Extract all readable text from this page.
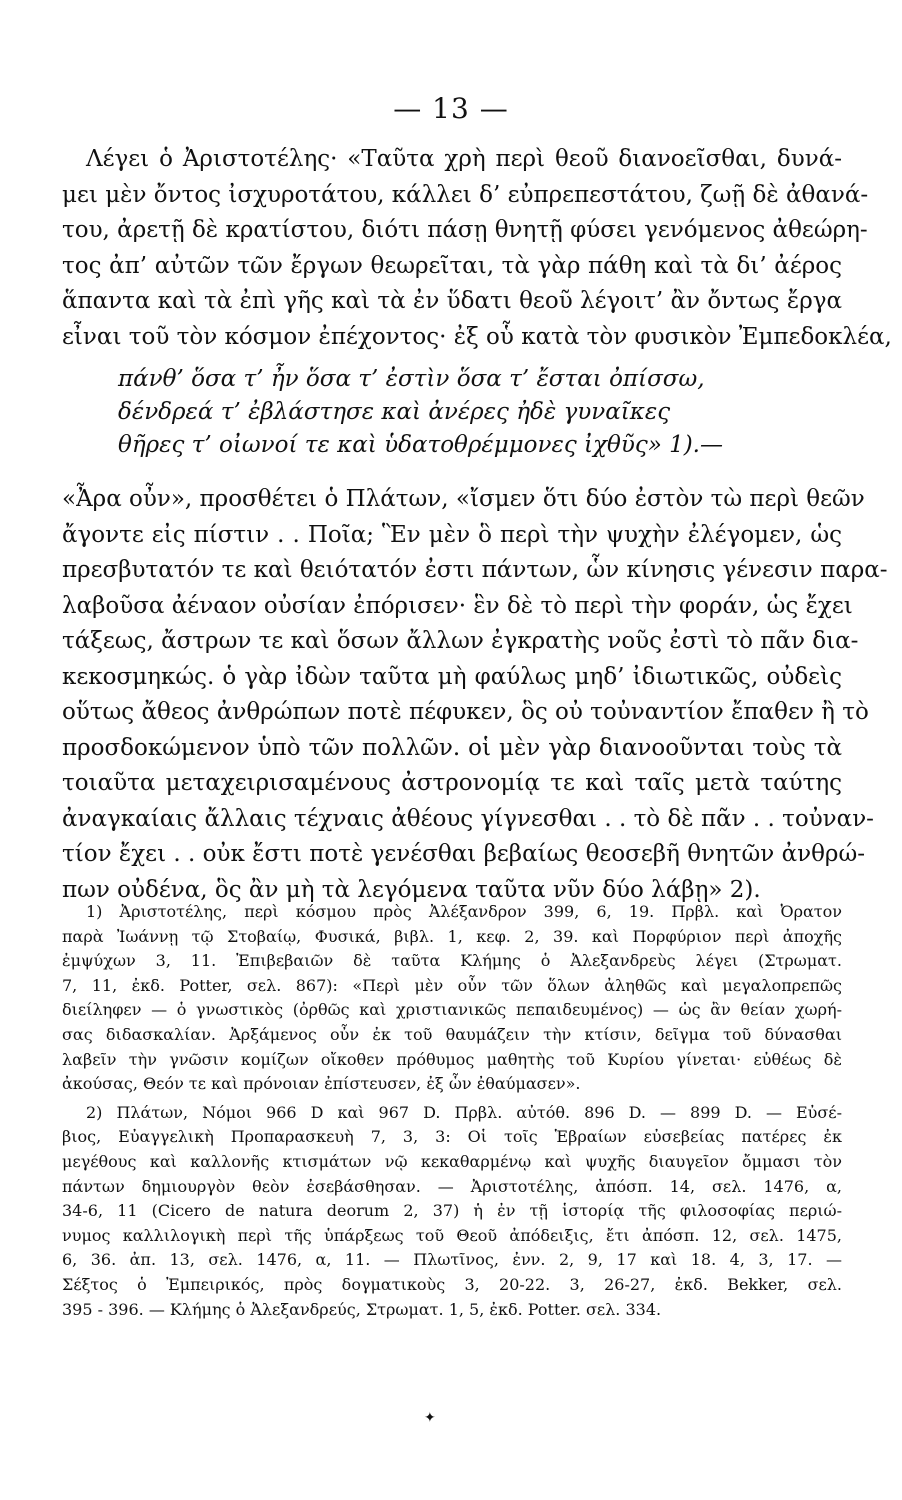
— 13 —
Λέγει ὁ Ἀριστοτέλης· «Ταῦτα χρὴ περὶ θεοῦ διανοεῖσθαι, δυνά-
μει μὲν ὄντος ἰσχυροτάτου, κάλλει δ’ εὐπρεπεστάτου, ζωῇ δὲ ἀθανά-
του, ἀρετῇ δὲ κρατίστου, διότι πάσῃ θνητῇ φύσει γενόμενος ἀθεώρη-
τος ἀπ’ αὐτῶν τῶν ἔργων θεωρεῖται, τὰ γὰρ πάθη καὶ τὰ δι’ ἀέρος
ἅπαντα καὶ τὰ ἐπὶ γῆς καὶ τὰ ἐν ὕδατι θεοῦ λέγοιτ’ ἂν ὄντως ἔργα
εἶναι τοῦ τὸν κόσμον ἐπέχοντος· ἐξ οὗ κατὰ τὸν φυσικὸν Ἐμπεδοκλέα,
πάνθ’ ὅσα τ’ ἦν ὅσα τ’ ἐστὶν ὅσα τ’ ἔσται ὀπίσσω,
δένδρεά τ’ ἐβλάστησε καὶ ἀνέρες ἠδὲ γυναῖκες
θῆρες τ’ οἰωνοί τε καὶ ὑδατοθρέμμονες ἰχθῦς» 1).—
«Ἆρα οὖν», προσθέτει ὁ Πλάτων, «ἴσμεν ὅτι δύο ἐστὸν τὼ περὶ θεῶν
ἄγοντε εἰς πίστιν . . Ποῖα; Ἓν μὲν ὃ περὶ τὴν ψυχὴν ἐλέγομεν, ὡς
πρεσβυτατόν τε καὶ θειότατόν ἐστι πάντων, ὧν κίνησις γένεσιν παρα-
λαβοῦσα ἀέναον οὐσίαν ἐπόρισεν· ἓν δὲ τὸ περὶ τὴν φοράν, ὡς ἔχει
τάξεως, ἄστρων τε καὶ ὅσων ἄλλων ἐγκρατὴς νοῦς ἐστὶ τὸ πᾶν δια-
κεκοσμηκώς. ὁ γὰρ ἰδὼν ταῦτα μὴ φαύλως μηδ’ ἰδιωτικῶς, οὐδεὶς
οὕτως ἄθεος ἀνθρώπων ποτὲ πέφυκεν, ὃς οὐ τοὐναντίον ἔπαθεν ἢ τὸ
προσδοκώμενον ὑπὸ τῶν πολλῶν. οἱ μὲν γὰρ διανοοῦνται τοὺς τὰ
τοιαῦτα μεταχειρισαμένους ἀστρονομίᾳ τε καὶ ταῖς μετὰ ταύτης
ἀναγκαίαις ἄλλαις τέχναις ἀθέους γίγνεσθαι . . τὸ δὲ πᾶν . . τοὐναν-
τίον ἔχει . . οὐκ ἔστι ποτὲ γενέσθαι βεβαίως θεοσεβῆ θνητῶν ἀνθρώ-
πων οὐδένα, ὃς ἂν μὴ τὰ λεγόμενα ταῦτα νῦν δύο λάβῃ» 2).
1) Ἀριστοτέλης, περὶ κόσμου πρὸς Ἀλέξανδρον 399, 6, 19. Πρβλ. καὶ Ὀρατον
παρὰ Ἰωάννῃ τῷ Στοβαίῳ, Φυσικά, βιβλ. 1, κεφ. 2, 39. καὶ Πορφύριον περὶ ἀποχῆς
ἐμψύχων 3, 11. Ἐπιβεβαιῶν δὲ ταῦτα Κλήμης ὁ Ἀλεξανδρεὺς λέγει (Στρωματ.
7, 11, ἐκδ. Potter, σελ. 867): «Περὶ μὲν οὖν τῶν ὅλων ἀληθῶς καὶ μεγαλοπρεπῶς
διείληφεν — ὁ γνωστικὸς (ὀρθῶς καὶ χριστιανικῶς πεπαιδευμένος) — ὡς ἂν θείαν χωρή-
σας διδασκαλίαν. Ἀρξάμενος οὖν ἐκ τοῦ θαυμάζειν τὴν κτίσιν, δεῖγμα τοῦ δύνασθαι
λαβεῖν τὴν γνῶσιν κομίζων οἴκοθεν πρόθυμος μαθητὴς τοῦ Κυρίου γίνεται· εὐθέως δὲ
ἀκούσας, Θεόν τε καὶ πρόνοιαν ἐπίστευσεν, ἐξ ὧν ἐθαύμασεν».
2) Πλάτων, Νόμοι 966 D καὶ 967 D. Πρβλ. αὐτόθ. 896 D. — 899 D. — Εὐσέ-
βιος, Εὐαγγελικὴ Προπαρασκευὴ 7, 3, 3: Οἱ τοῖς Ἑβραίων εὐσεβείας πατέρες ἐκ
μεγέθους καὶ καλλονῆς κτισμάτων νῷ κεκαθαρμένῳ καὶ ψυχῆς διαυγεῖον ὄμμασι τὸν
πάντων δημιουργὸν θεὸν ἐσεβάσθησαν. — Ἀριστοτέλης, ἀπόσπ. 14, σελ. 1476, α,
34-6, 11 (Cicero de natura deorum 2, 37) ἡ ἐν τῇ ἱστορίᾳ τῆς φιλοσοφίας περιώ-
νυμος καλλιλογικὴ περὶ τῆς ὑπάρξεως τοῦ Θεοῦ ἀπόδειξις, ἔτι ἀπόσπ. 12, σελ. 1475,
6, 36. ἀπ. 13, σελ. 1476, α, 11. — Πλωτῖνος, ἐνν. 2, 9, 17 καὶ 18. 4, 3, 17. —
Σέξτος ὁ Ἐμπειρικός, πρὸς δογματικοὺς 3, 20-22. 3, 26-27, ἐκδ. Bekker, σελ.
395 - 396. — Κλήμης ὁ Ἀλεξανδρεύς, Στρωματ. 1, 5, ἐκδ. Potter. σελ. 334.
✦
